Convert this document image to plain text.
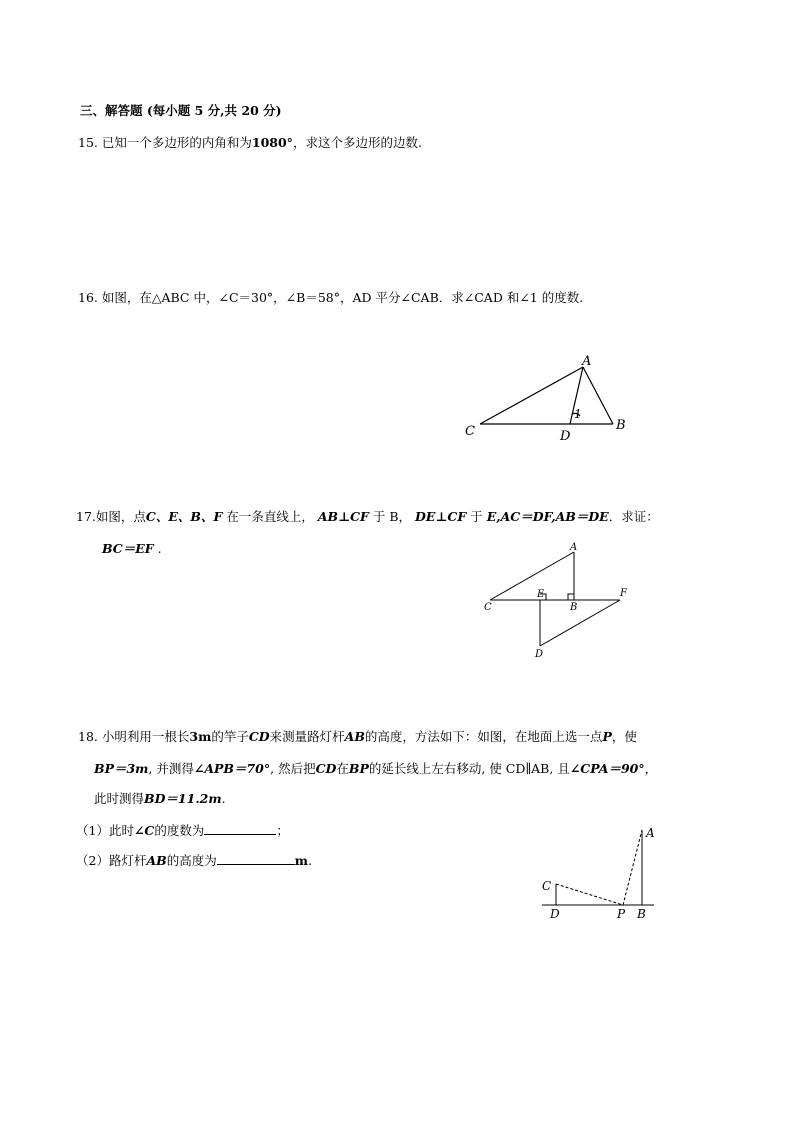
三、解答题 (每小题 5 分,共 20 分)
15. 已知一个多边形的内角和为1080°，求这个多边形的边数.
16. 如图，在△ABC 中，∠C＝30°，∠B＝58°，AD 平分∠CAB．求∠CAD 和∠1 的度数.
A
B
C	D
1
17.如图，点C、E、B、F 在一条直线上， AB⊥CF 于 B， DE⊥CF 于 E,AC＝DF,AB＝DE．求证：
BC＝EF .	A
B
C
D
E	F
18. 小明利用一根长3m的竿子CD来测量路灯杆AB的高度，方法如下：如图，在地面上选一点P，使
BP＝3m, 并测得∠APB＝70°, 然后把CD在BP的延长线上左右移动, 使 CD∥AB, 且∠CPA＝90°，
此时测得BD＝11.2m.
（1）此时∠C的度数为	；
（2）路灯杆AB的高度为	m.
A
B
C
D	P
